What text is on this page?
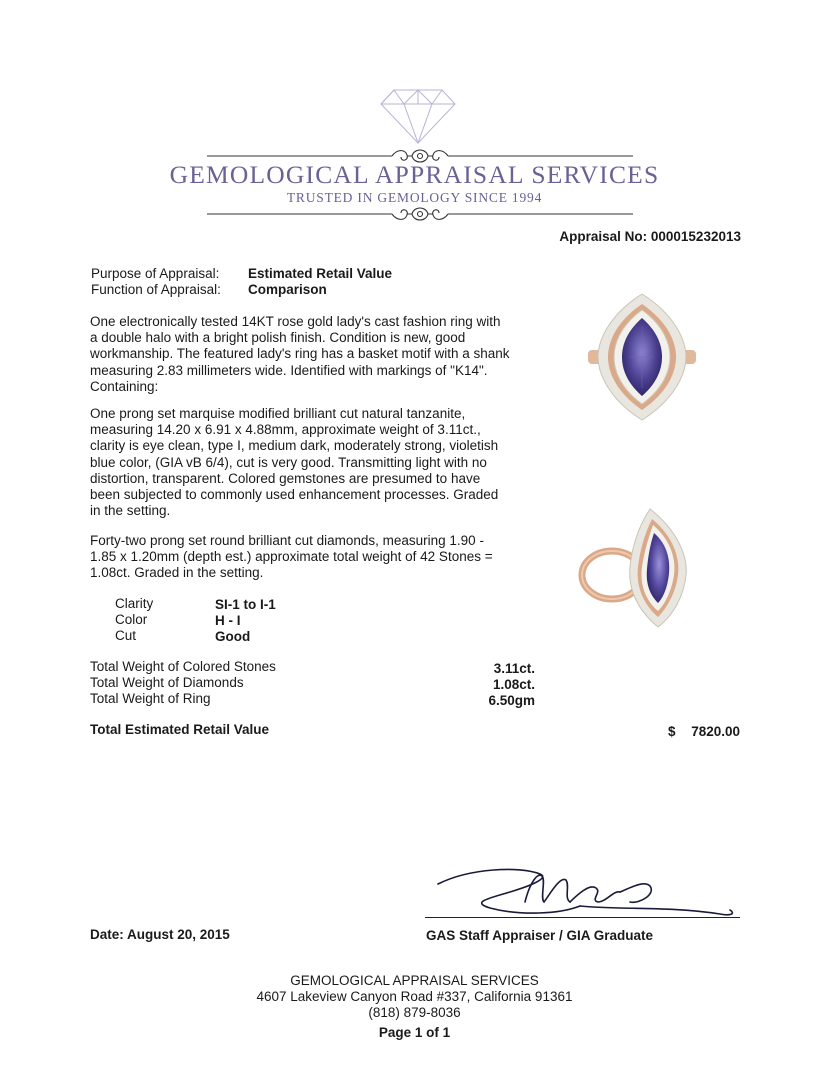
GEMOLOGICAL APPRAISAL SERVICES
TRUSTED IN GEMOLOGY SINCE 1994
Appraisal No: 000015232013
Purpose of Appraisal: Estimated Retail Value
Function of Appraisal: Comparison
One electronically tested 14KT rose gold lady's cast fashion ring with a double halo with a bright polish finish. Condition is new, good workmanship. The featured lady's ring has a basket motif with a shank measuring 2.83 millimeters wide. Identified with markings of "K14". Containing:
One prong set marquise modified brilliant cut natural tanzanite, measuring 14.20 x 6.91 x 4.88mm, approximate weight of 3.11ct., clarity is eye clean, type I, medium dark, moderately strong, violetish blue color, (GIA vB 6/4), cut is very good. Transmitting light with no distortion, transparent. Colored gemstones are presumed to have been subjected to commonly used enhancement processes. Graded in the setting.
Forty-two prong set round brilliant cut diamonds, measuring 1.90 - 1.85 x 1.20mm (depth est.) approximate total weight of 42 Stones = 1.08ct. Graded in the setting.
Clarity	SI-1 to I-1
Color	H - I
Cut	Good
Total Weight of Colored Stones	3.11ct.
Total Weight of Diamonds	1.08ct.
Total Weight of Ring	6.50gm
Total Estimated Retail Value	$ 7820.00
Date: August 20, 2015	GAS Staff Appraiser / GIA Graduate
GEMOLOGICAL APPRAISAL SERVICES
4607 Lakeview Canyon Road #337, California 91361
(818) 879-8036
Page 1 of 1
